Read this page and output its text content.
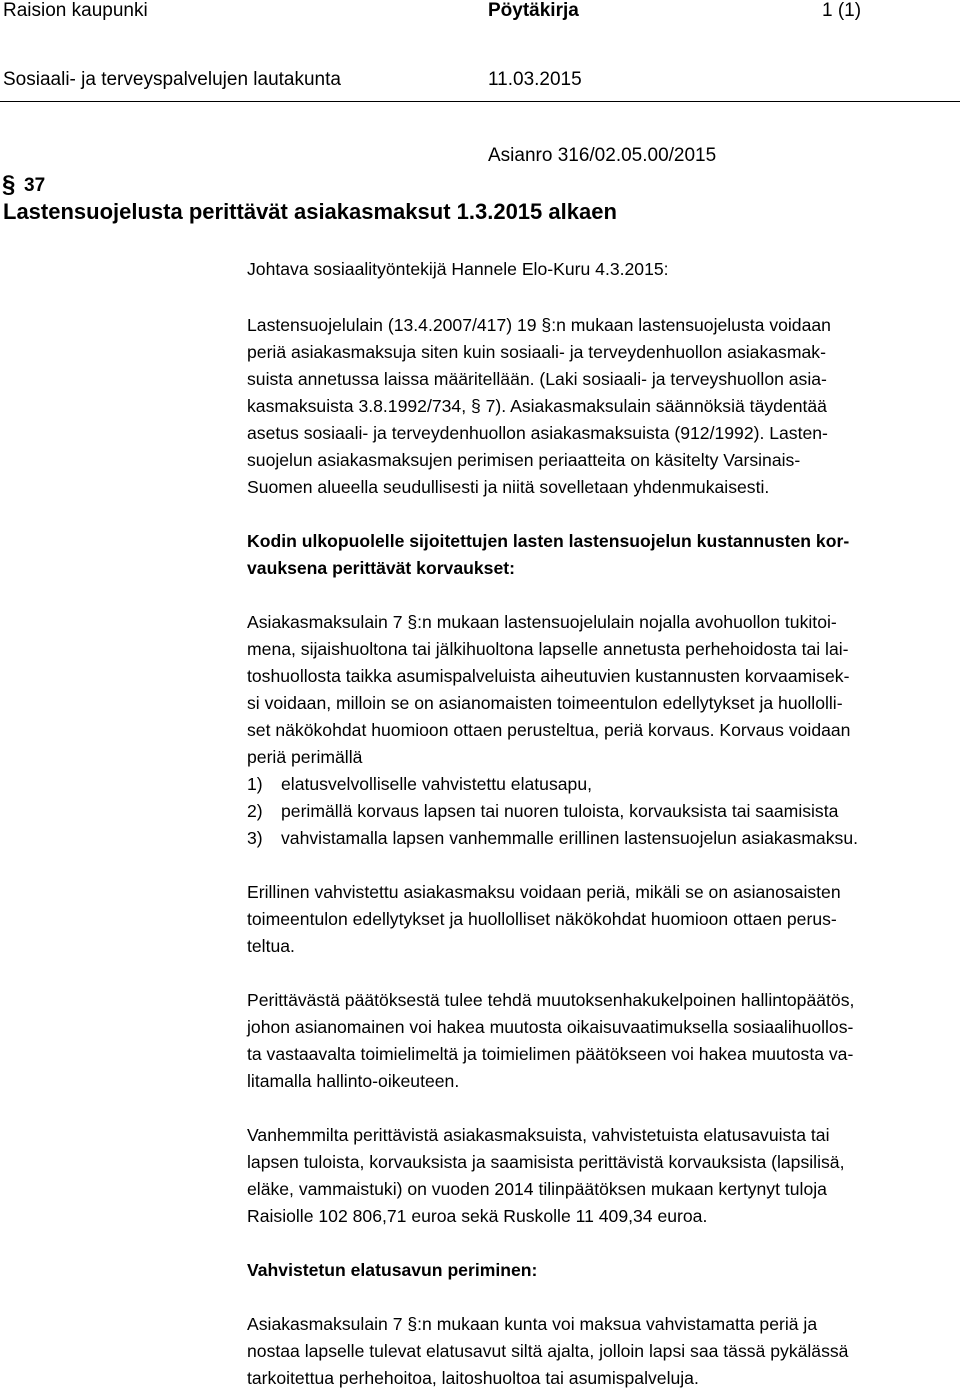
Raision kaupunki	Pöytäkirja	1 (1)
Sosiaali- ja terveyspalvelujen lautakunta	11.03.2015
Asianro 316/02.05.00/2015
§ 37
Lastensuojelusta perittävät asiakasmaksut 1.3.2015 alkaen
Johtava sosiaalityöntekijä Hannele Elo-Kuru 4.3.2015:
Lastensuojelulain (13.4.2007/417) 19 §:n mukaan lastensuojelusta voidaan
periä asiakasmaksuja siten kuin sosiaali- ja terveydenhuollon asiakasmak-
suista annetussa laissa määritellään. (Laki sosiaali- ja terveyshuollon asia-
kasmaksuista 3.8.1992/734, § 7). Asiakasmaksulain säännöksiä täydentää
asetus sosiaali- ja terveydenhuollon asiakasmaksuista (912/1992). Lasten-
suojelun asiakasmaksujen perimisen periaatteita on käsitelty Varsinais-
Suomen alueella seudullisesti ja niitä sovelletaan yhdenmukaisesti.
Kodin ulkopuolelle sijoitettujen lasten lastensuojelun kustannusten kor-
vauksena perittävät korvaukset:
Asiakasmaksulain 7 §:n mukaan lastensuojelulain nojalla avohuollon tukitoi-
mena, sijaishuoltona tai jälkihuoltona lapselle annetusta perhehoidosta tai lai-
toshuollosta taikka asumispalveluista aiheutuvien kustannusten korvaamisek-
si voidaan, milloin se on asianomaisten toimeentulon edellytykset ja huollolli-
set näkökohdat huomioon ottaen perusteltua, periä korvaus. Korvaus voidaan
periä perimällä
1) elatusvelvolliselle vahvistettu elatusapu,
2) perimällä korvaus lapsen tai nuoren tuloista, korvauksista tai saamisista
3) vahvistamalla lapsen vanhemmalle erillinen lastensuojelun asiakasmaksu.
Erillinen vahvistettu asiakasmaksu voidaan periä, mikäli se on asianosaisten
toimeentulon edellytykset ja huollolliset näkökohdat huomioon ottaen perus-
teltua.
Perittävästä päätöksestä tulee tehdä muutoksenhakukelpoinen hallintopäätös,
johon asianomainen voi hakea muutosta oikaisuvaatimuksella sosiaalihuollos-
ta vastaavalta toimielimeltä ja toimielimen päätökseen voi hakea muutosta va-
litamalla hallinto-oikeuteen.
Vanhemmilta perittävistä asiakasmaksuista, vahvistetuista elatusavuista tai
lapsen tuloista, korvauksista ja saamisista perittävistä korvauksista (lapsilisä,
eläke, vammaistuki) on vuoden 2014 tilinpäätöksen mukaan kertynyt tuloja
Raisiolle 102 806,71 euroa sekä Ruskolle 11 409,34 euroa.
Vahvistetun elatusavun periminen:
Asiakasmaksulain 7 §:n mukaan kunta voi maksua vahvistamatta periä ja
nostaa lapselle tulevat elatusavut siltä ajalta, jolloin lapsi saa tässä pykälässä
tarkoitettua perhehoitoa, laitoshuoltoa tai asumispalveluja.
